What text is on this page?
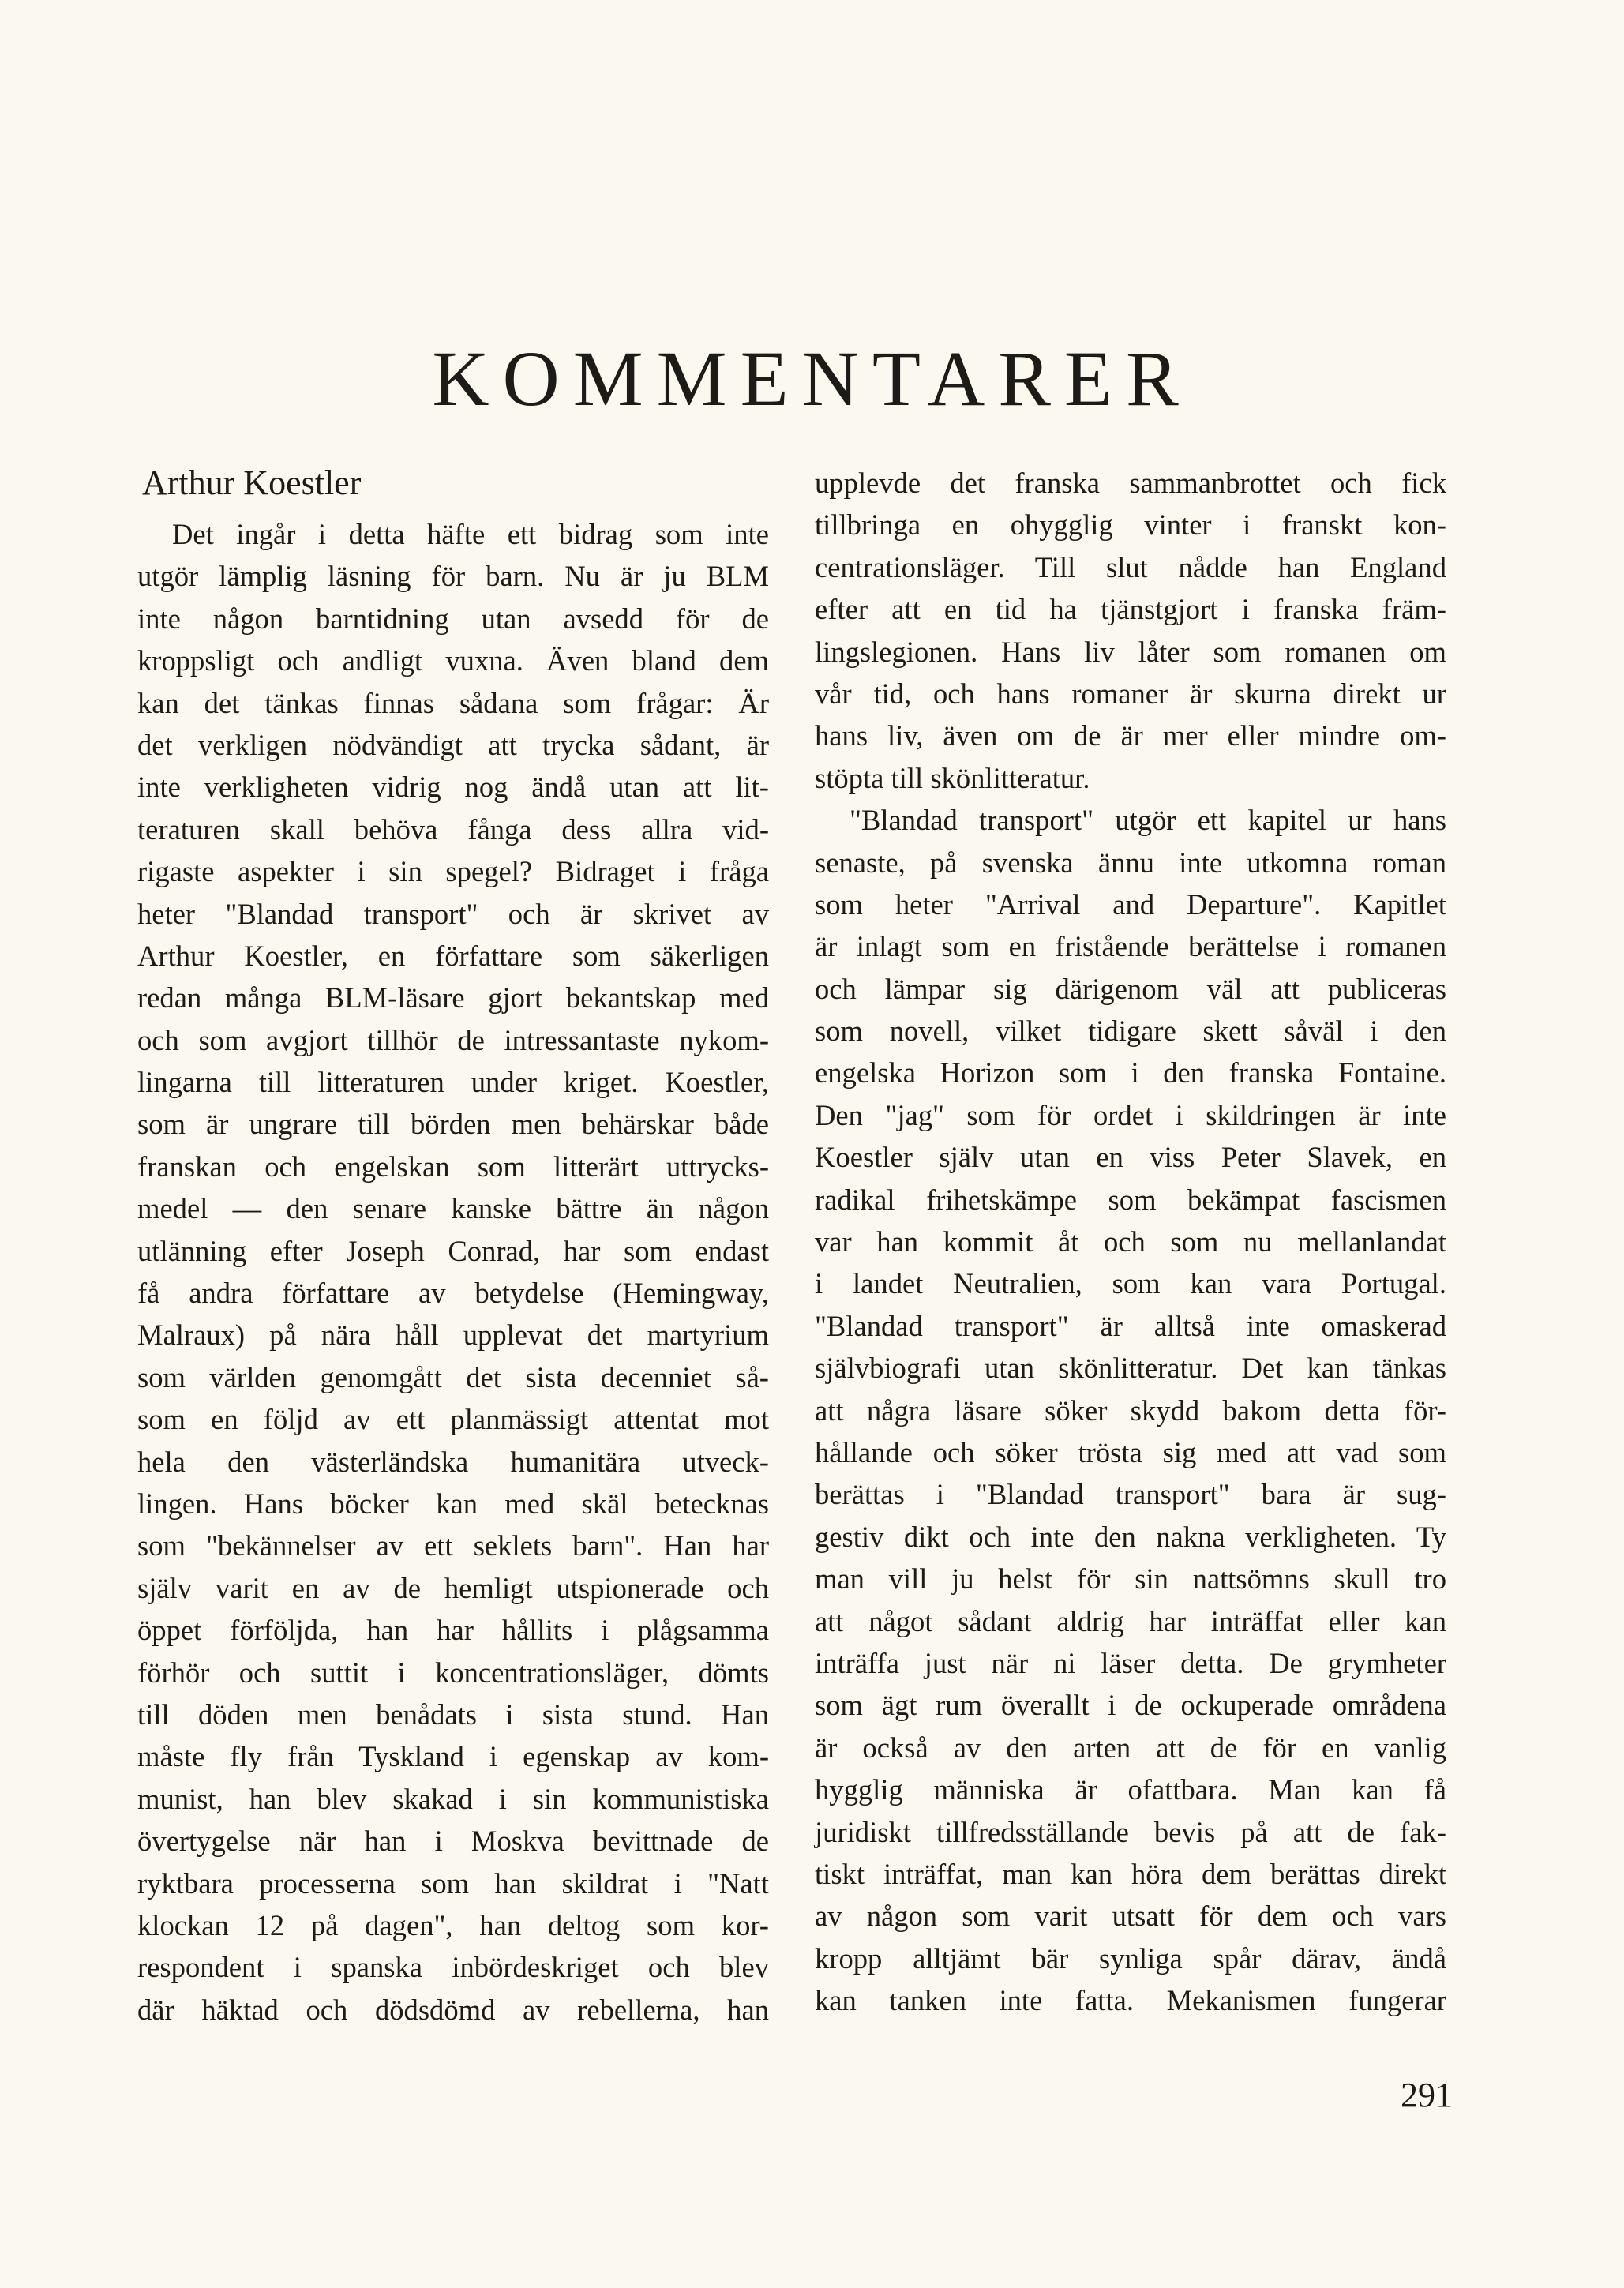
KOMMENTARER
Arthur Koestler
Det ingår i detta häfte ett bidrag som inte
utgör lämplig läsning för barn. Nu är ju BLM
inte någon barntidning utan avsedd för de
kroppsligt och andligt vuxna. Även bland dem
kan det tänkas finnas sådana som frågar: Är
det verkligen nödvändigt att trycka sådant, är
inte verkligheten vidrig nog ändå utan att lit-
teraturen skall behöva fånga dess allra vid-
rigaste aspekter i sin spegel? Bidraget i fråga
heter "Blandad transport" och är skrivet av
Arthur Koestler, en författare som säkerligen
redan många BLM-läsare gjort bekantskap med
och som avgjort tillhör de intressantaste nykom-
lingarna till litteraturen under kriget. Koestler,
som är ungrare till börden men behärskar både
franskan och engelskan som litterärt uttrycks-
medel — den senare kanske bättre än någon
utlänning efter Joseph Conrad, har som endast
få andra författare av betydelse (Hemingway,
Malraux) på nära håll upplevat det martyrium
som världen genomgått det sista decenniet så-
som en följd av ett planmässigt attentat mot
hela den västerländska humanitära utveck-
lingen. Hans böcker kan med skäl betecknas
som "bekännelser av ett seklets barn". Han har
själv varit en av de hemligt utspionerade och
öppet förföljda, han har hållits i plågsamma
förhör och suttit i koncentrationsläger, dömts
till döden men benådats i sista stund. Han
måste fly från Tyskland i egenskap av kom-
munist, han blev skakad i sin kommunistiska
övertygelse när han i Moskva bevittnade de
ryktbara processerna som han skildrat i "Natt
klockan 12 på dagen", han deltog som kor-
respondent i spanska inbördeskriget och blev
där häktad och dödsdömd av rebellerna, han
upplevde det franska sammanbrottet och fick
tillbringa en ohygglig vinter i franskt kon-
centrationsläger. Till slut nådde han England
efter att en tid ha tjänstgjort i franska främ-
lingslegionen. Hans liv låter som romanen om
vår tid, och hans romaner är skurna direkt ur
hans liv, även om de är mer eller mindre om-
stöpta till skönlitteratur.
"Blandad transport" utgör ett kapitel ur hans
senaste, på svenska ännu inte utkomna roman
som heter "Arrival and Departure". Kapitlet
är inlagt som en fristående berättelse i romanen
och lämpar sig därigenom väl att publiceras
som novell, vilket tidigare skett såväl i den
engelska Horizon som i den franska Fontaine.
Den "jag" som för ordet i skildringen är inte
Koestler själv utan en viss Peter Slavek, en
radikal frihetskämpe som bekämpat fascismen
var han kommit åt och som nu mellanlandat
i landet Neutralien, som kan vara Portugal.
"Blandad transport" är alltså inte omaskerad
självbiografi utan skönlitteratur. Det kan tänkas
att några läsare söker skydd bakom detta för-
hållande och söker trösta sig med att vad som
berättas i "Blandad transport" bara är sug-
gestiv dikt och inte den nakna verkligheten. Ty
man vill ju helst för sin nattsömns skull tro
att något sådant aldrig har inträffat eller kan
inträffa just när ni läser detta. De grymheter
som ägt rum överallt i de ockuperade områdena
är också av den arten att de för en vanlig
hygglig människa är ofattbara. Man kan få
juridiskt tillfredsställande bevis på att de fak-
tiskt inträffat, man kan höra dem berättas direkt
av någon som varit utsatt för dem och vars
kropp alltjämt bär synliga spår därav, ändå
kan tanken inte fatta. Mekanismen fungerar
291
